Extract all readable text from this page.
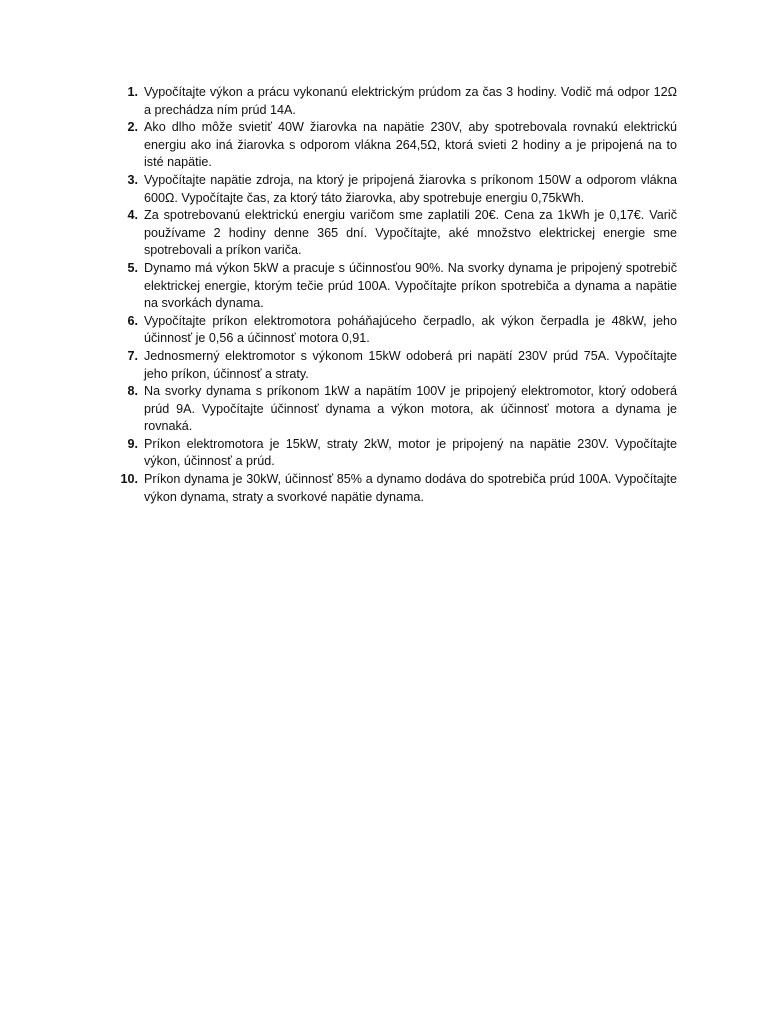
1. Vypočítajte výkon a prácu vykonanú elektrickým prúdom za čas 3 hodiny. Vodič má odpor 12Ω a prechádza ním prúd 14A.
2. Ako dlho môže svietiť 40W žiarovka na napätie 230V, aby spotrebovala rovnakú elektrickú energiu ako iná žiarovka s odporom vlákna 264,5Ω, ktorá svieti 2 hodiny a je pripojená na to isté napätie.
3. Vypočítajte napätie zdroja, na ktorý je pripojená žiarovka s príkonom 150W a odporom vlákna 600Ω. Vypočítajte čas, za ktorý táto žiarovka, aby spotrebuje energiu 0,75kWh.
4. Za spotrebovanú elektrickú energiu varičom sme zaplatili 20€. Cena za 1kWh je 0,17€. Varič používame 2 hodiny denne 365 dní. Vypočítajte, aké množstvo elektrickej energie sme spotrebovali a príkon variča.
5. Dynamo má výkon 5kW a pracuje s účinnosťou 90%. Na svorky dynama je pripojený spotrebič elektrickej energie, ktorým tečie prúd 100A. Vypočítajte príkon spotrebiča a dynama a napätie na svorkách dynama.
6. Vypočítajte príkon elektromotora poháňajúceho čerpadlo, ak výkon čerpadla je 48kW, jeho účinnosť je 0,56 a účinnosť motora 0,91.
7. Jednosmerný elektromotor s výkonom 15kW odoberá pri napätí 230V prúd 75A. Vypočítajte jeho príkon, účinnosť a straty.
8. Na svorky dynama s príkonom 1kW a napätím 100V je pripojený elektromotor, ktorý odoberá prúd 9A. Vypočítajte účinnosť dynama a výkon motora, ak účinnosť motora a dynama je rovnaká.
9. Príkon elektromotora je 15kW, straty 2kW, motor je pripojený na napätie 230V. Vypočítajte výkon, účinnosť a prúd.
10. Príkon dynama je 30kW, účinnosť 85% a dynamo dodáva do spotrebiča prúd 100A. Vypočítajte výkon dynama, straty a svorkové napätie dynama.
